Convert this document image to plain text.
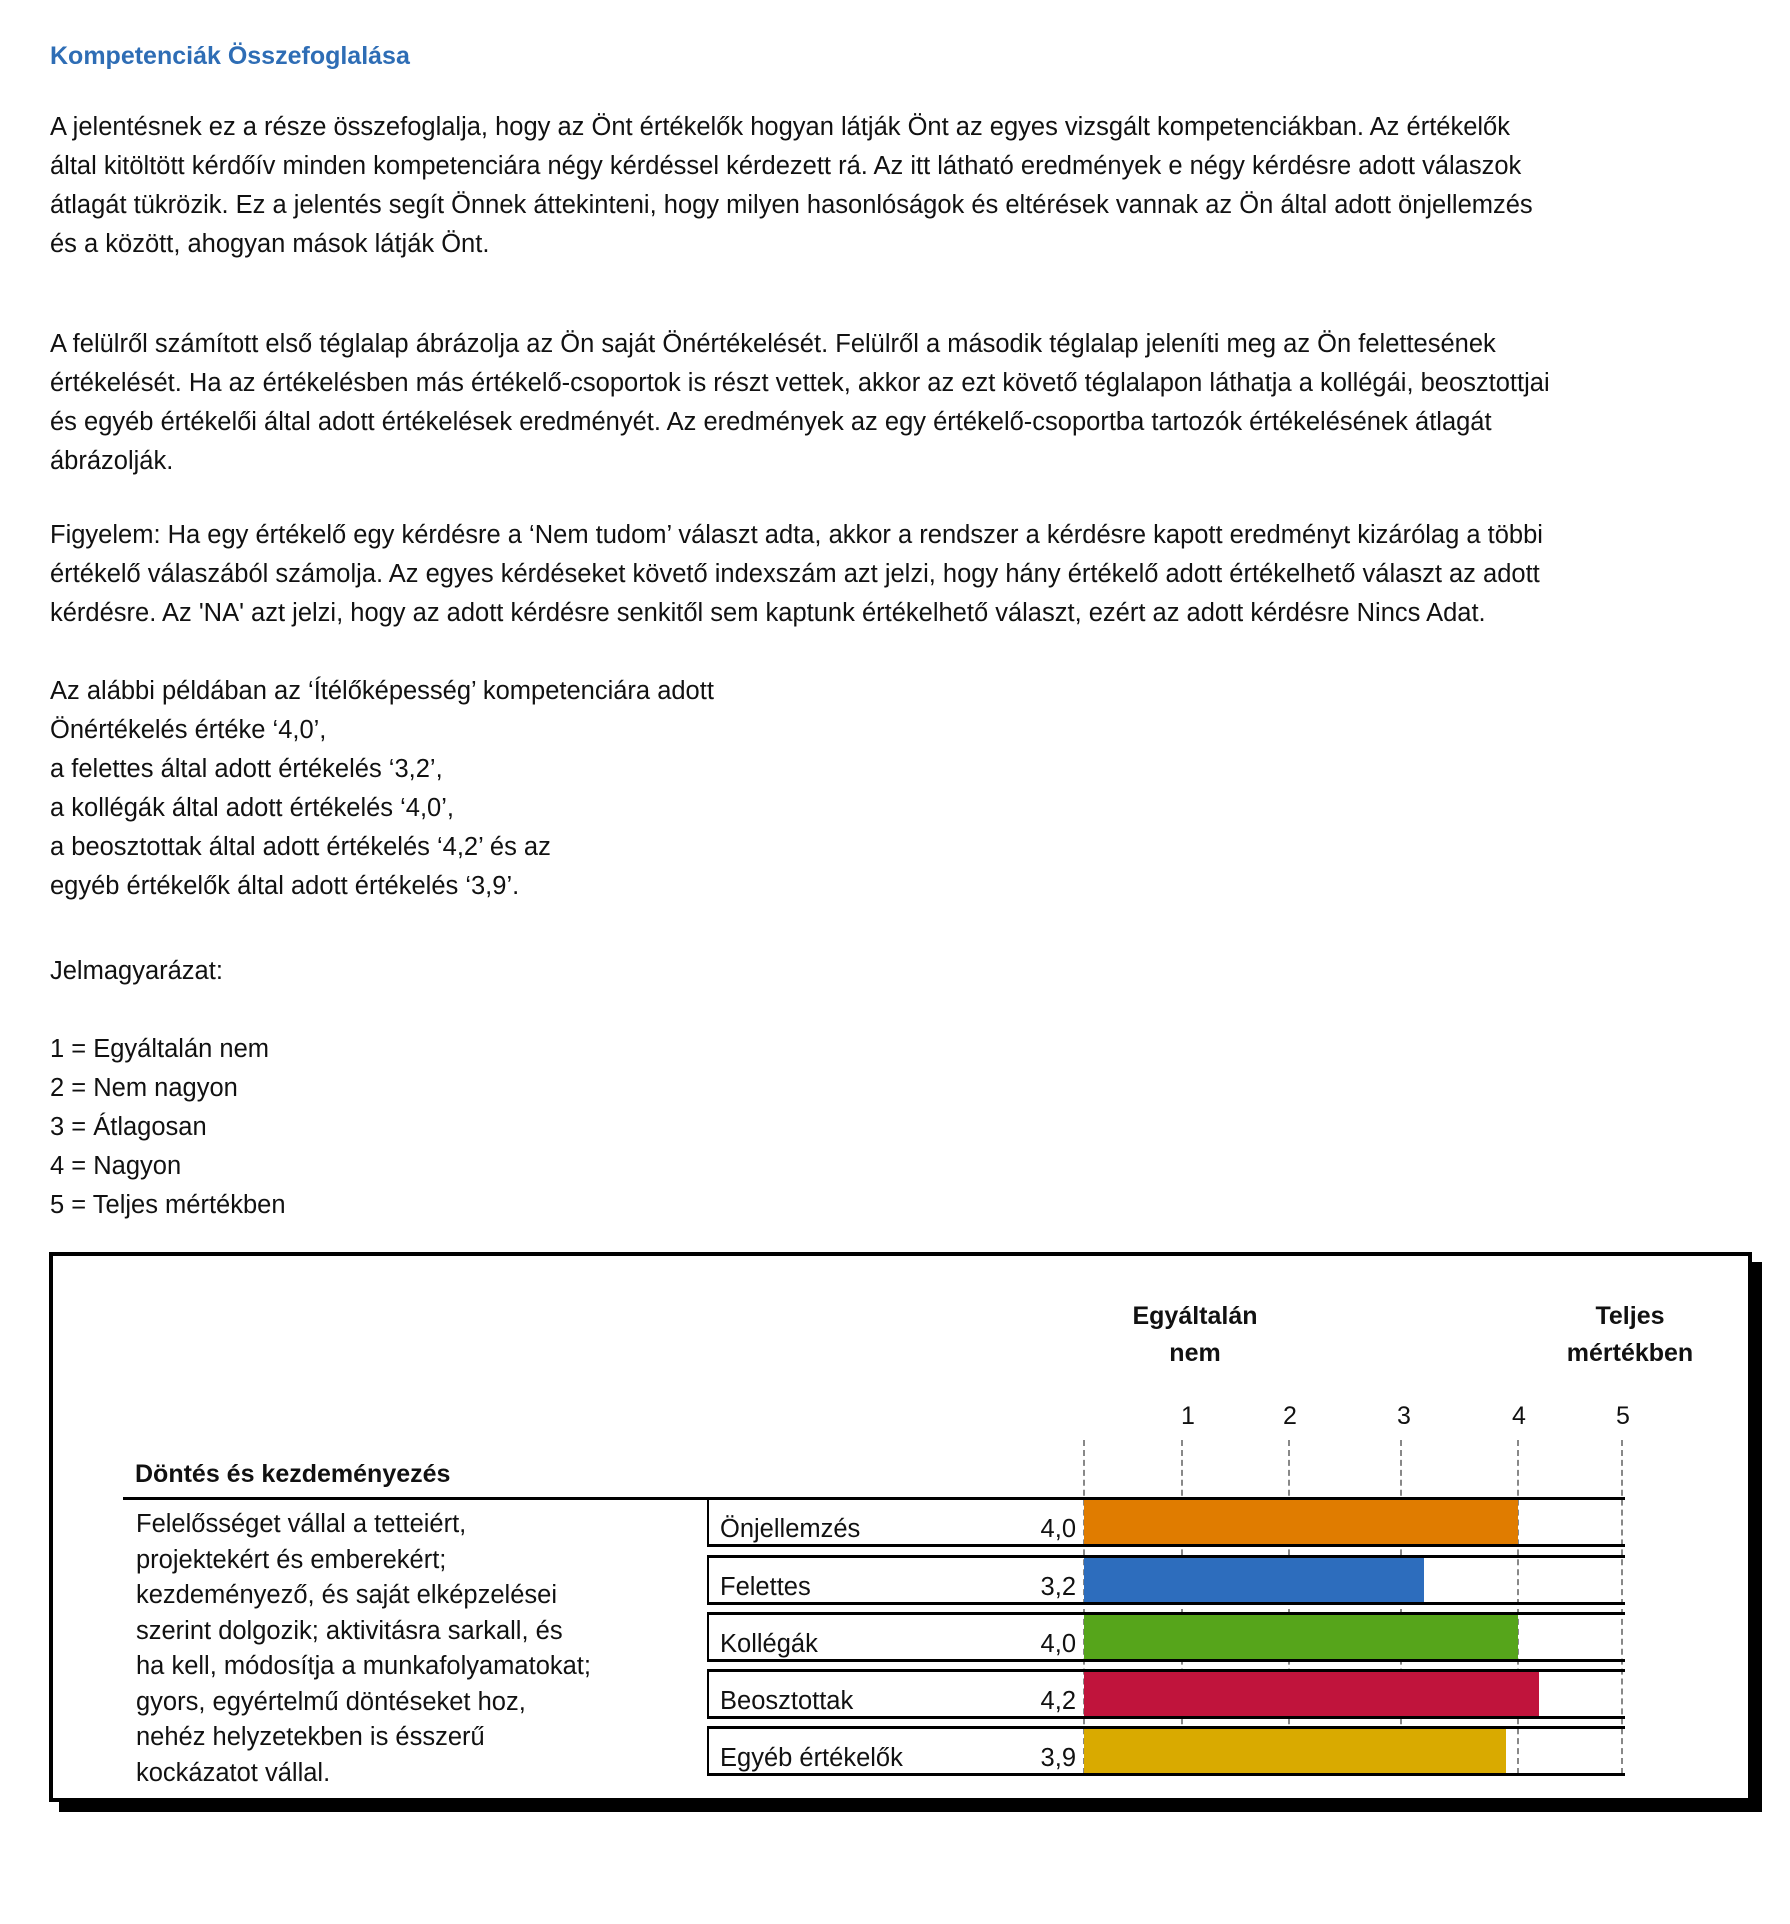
Kompetenciák Összefoglalása

A jelentésnek ez a része összefoglalja, hogy az Önt értékelők hogyan látják Önt az egyes vizsgált kompetenciákban. Az értékelők
által kitöltött kérdőív minden kompetenciára négy kérdéssel kérdezett rá. Az itt látható eredmények e négy kérdésre adott válaszok
átlagát tükrözik. Ez a jelentés segít Önnek áttekinteni, hogy milyen hasonlóságok és eltérések vannak az Ön által adott önjellemzés
és a között, ahogyan mások látják Önt.

A felülről számított első téglalap ábrázolja az Ön saját Önértékelését. Felülről a második téglalap jeleníti meg az Ön felettesének
értékelését. Ha az értékelésben más értékelő-csoportok is részt vettek, akkor az ezt követő téglalapon láthatja a kollégái, beosztottjai
és egyéb értékelői által adott értékelések eredményét. Az eredmények az egy értékelő-csoportba tartozók értékelésének átlagát
ábrázolják.

Figyelem: Ha egy értékelő egy kérdésre a ‘Nem tudom’ választ adta, akkor a rendszer a kérdésre kapott eredményt kizárólag a többi
értékelő válaszából számolja. Az egyes kérdéseket követő indexszám azt jelzi, hogy hány értékelő adott értékelhető választ az adott
kérdésre. Az 'NA' azt jelzi, hogy az adott kérdésre senkitől sem kaptunk értékelhető választ, ezért az adott kérdésre Nincs Adat.

Az alábbi példában az ‘Ítélőképesség’ kompetenciára adott
Önértékelés értéke ‘4,0’,
a felettes által adott értékelés ‘3,2’,
a kollégák által adott értékelés ‘4,0’,
a beosztottak által adott értékelés ‘4,2’ és az
egyéb értékelők által adott értékelés ‘3,9’.

Jelmagyarázat:

1 = Egyáltalán nem
2 = Nem nagyon
3 = Átlagosan
4 = Nagyon
5 = Teljes mértékben

Egyáltalán
nem
Teljes
mértékben
1	2	3	4	5
Döntés és kezdeményezés
Felelősséget vállal a tetteiért,
projektekért és emberekért;
kezdeményező, és saját elképzelései
szerint dolgozik; aktivitásra sarkall, és
ha kell, módosítja a munkafolyamatokat;
gyors, egyértelmű döntéseket hoz,
nehéz helyzetekben is ésszerű
kockázatot vállal.
Önjellemzés	4,0
Felettes	3,2
Kollégák	4,0
Beosztottak	4,2
Egyéb értékelők	3,9
